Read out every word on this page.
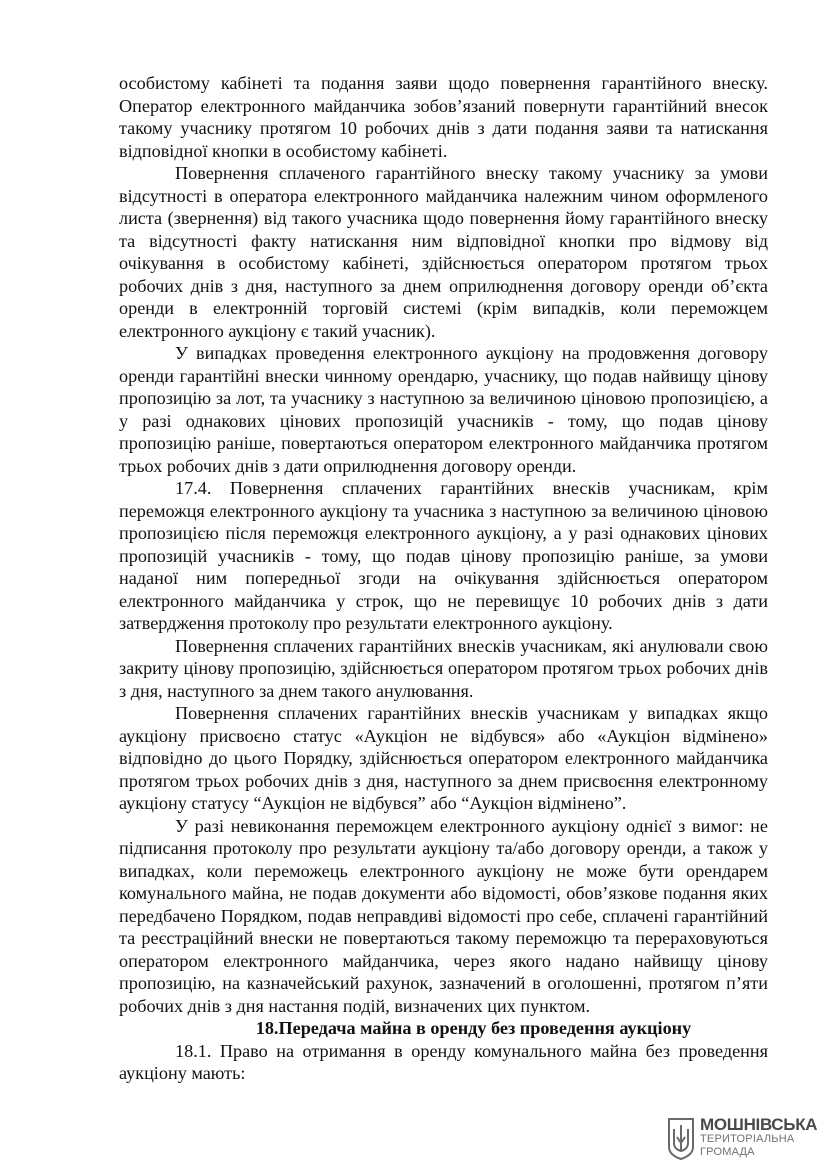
особистому кабінеті та подання заяви щодо повернення гарантійного внеску. Оператор електронного майданчика зобов’язаний повернути гарантійний внесок такому учаснику протягом 10 робочих днів з дати подання заяви та натискання відповідної кнопки в особистому кабінеті.

Повернення сплаченого гарантійного внеску такому учаснику за умови відсутності в оператора електронного майданчика належним чином оформленого листа (звернення) від такого учасника щодо повернення йому гарантійного внеску та відсутності факту натискання ним відповідної кнопки про відмову від очікування в особистому кабінеті, здійснюється оператором протягом трьох робочих днів з дня, наступного за днем оприлюднення договору оренди об’єкта оренди в електронній торговій системі (крім випадків, коли переможцем електронного аукціону є такий учасник).

У випадках проведення електронного аукціону на продовження договору оренди гарантійні внески чинному орендарю, учаснику, що подав найвищу цінову пропозицію за лот, та учаснику з наступною за величиною ціновою пропозицією, а у разі однакових цінових пропозицій учасників - тому, що подав цінову пропозицію раніше, повертаються оператором електронного майданчика протягом трьох робочих днів з дати оприлюднення договору оренди.

17.4. Повернення сплачених гарантійних внесків учасникам, крім переможця електронного аукціону та учасника з наступною за величиною ціновою пропозицією після переможця електронного аукціону, а у разі однакових цінових пропозицій учасників - тому, що подав цінову пропозицію раніше, за умови наданої ним попередньої згоди на очікування здійснюється оператором електронного майданчика у строк, що не перевищує 10 робочих днів з дати затвердження протоколу про результати електронного аукціону.

Повернення сплачених гарантійних внесків учасникам, які анулювали свою закриту цінову пропозицію, здійснюється оператором протягом трьох робочих днів з дня, наступного за днем такого анулювання.

Повернення сплачених гарантійних внесків учасникам у випадках якщо аукціону присвоєно статус «Аукціон не відбувся» або «Аукціон відмінено» відповідно до цього Порядку, здійснюється оператором електронного майданчика протягом трьох робочих днів з дня, наступного за днем присвоєння електронному аукціону статусу “Аукціон не відбувся” або “Аукціон відмінено”.

У разі невиконання переможцем електронного аукціону однієї з вимог: не підписання протоколу про результати аукціону та/або договору оренди, а також у випадках, коли переможець електронного аукціону не може бути орендарем комунального майна, не подав документи або відомості, обов’язкове подання яких передбачено Порядком, подав неправдиві відомості про себе, сплачені гарантійний та реєстраційний внески не повертаються такому переможцю та перераховуються оператором електронного майданчика, через якого надано найвищу цінову пропозицію, на казначейський рахунок, зазначений в оголошенні, протягом п’яти робочих днів з дня настання подій, визначених цих пунктом.

18.Передача майна в оренду без проведення аукціону

18.1. Право на отримання в оренду комунального майна без проведення аукціону мають:

МОШНІВСЬКА
ТЕРИТОРІАЛЬНА
ГРОМАДА
